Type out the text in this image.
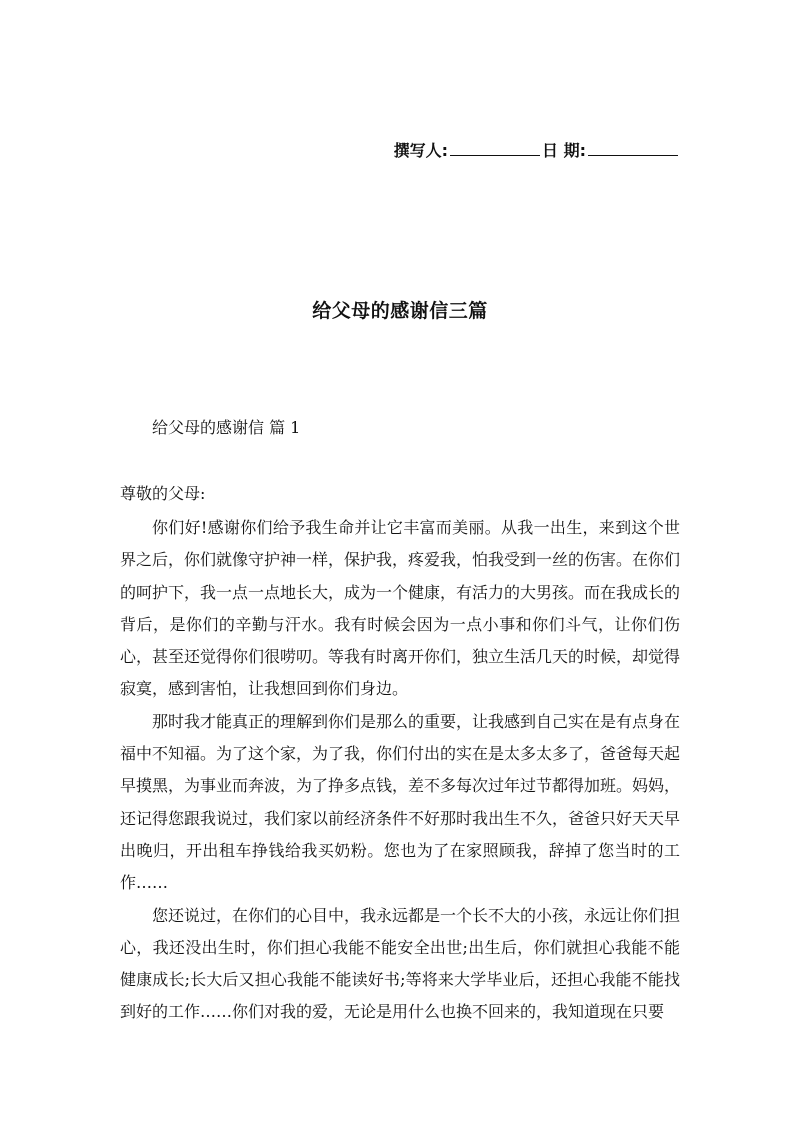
撰写人:	日 期:
给父母的感谢信三篇
给父母的感谢信 篇 1
尊敬的父母:

你们好!感谢你们给予我生命并让它丰富而美丽。从我一出生，来到这个世界之后，你们就像守护神一样，保护我，疼爱我，怕我受到一丝的伤害。在你们的呵护下，我一点一点地长大，成为一个健康，有活力的大男孩。而在我成长的背后，是你们的辛勤与汗水。我有时候会因为一点小事和你们斗气，让你们伤心，甚至还觉得你们很唠叨。等我有时离开你们，独立生活几天的时候，却觉得寂寞，感到害怕，让我想回到你们身边。

那时我才能真正的理解到你们是那么的重要，让我感到自己实在是有点身在福中不知福。为了这个家，为了我，你们付出的实在是太多太多了，爸爸每天起早摸黑，为事业而奔波，为了挣多点钱，差不多每次过年过节都得加班。妈妈，还记得您跟我说过，我们家以前经济条件不好那时我出生不久，爸爸只好天天早出晚归，开出租车挣钱给我买奶粉。您也为了在家照顾我，辞掉了您当时的工作……

您还说过，在你们的心目中，我永远都是一个长不大的小孩，永远让你们担心，我还没出生时，你们担心我能不能安全出世;出生后，你们就担心我能不能健康成长;长大后又担心我能不能读好书;等将来大学毕业后，还担心我能不能找到好的工作……你们对我的爱，无论是用什么也换不回来的，我知道现在只要
